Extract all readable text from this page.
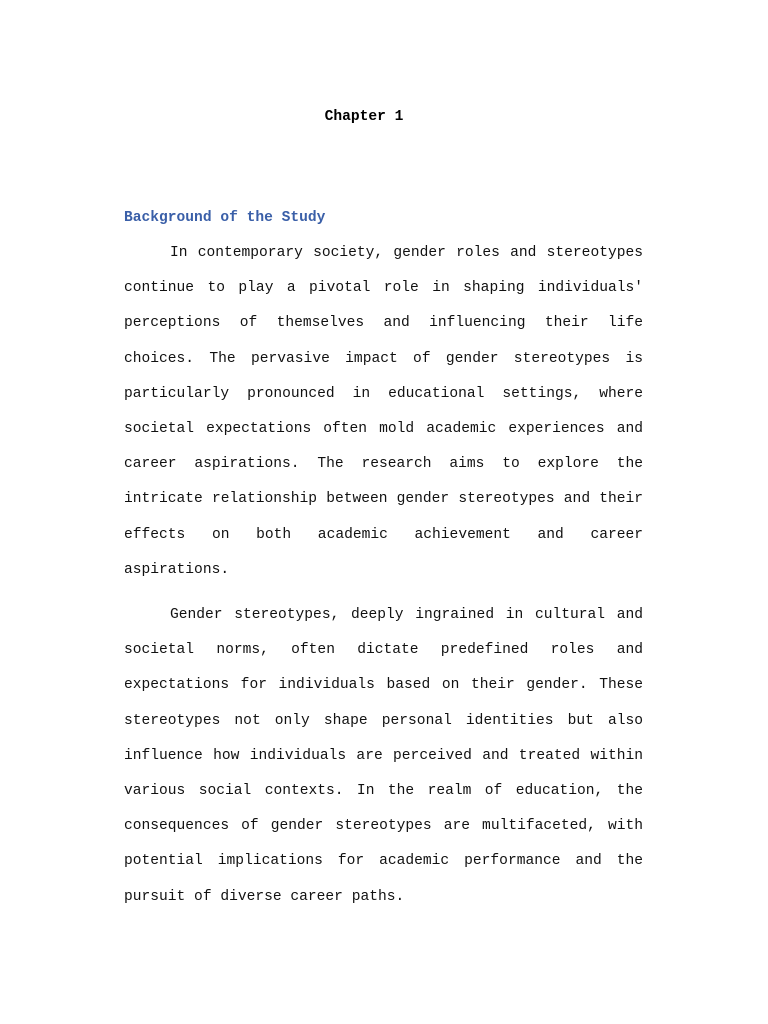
Chapter 1
Background of the Study

In contemporary society, gender roles and stereotypes continue to play a pivotal role in shaping individuals' perceptions of themselves and influencing their life choices. The pervasive impact of gender stereotypes is particularly pronounced in educational settings, where societal expectations often mold academic experiences and career aspirations. The research aims to explore the intricate relationship between gender stereotypes and their effects on both academic achievement and career aspirations.

Gender stereotypes, deeply ingrained in cultural and societal norms, often dictate predefined roles and expectations for individuals based on their gender. These stereotypes not only shape personal identities but also influence how individuals are perceived and treated within various social contexts. In the realm of education, the consequences of gender stereotypes are multifaceted, with potential implications for academic performance and the pursuit of diverse career paths.
